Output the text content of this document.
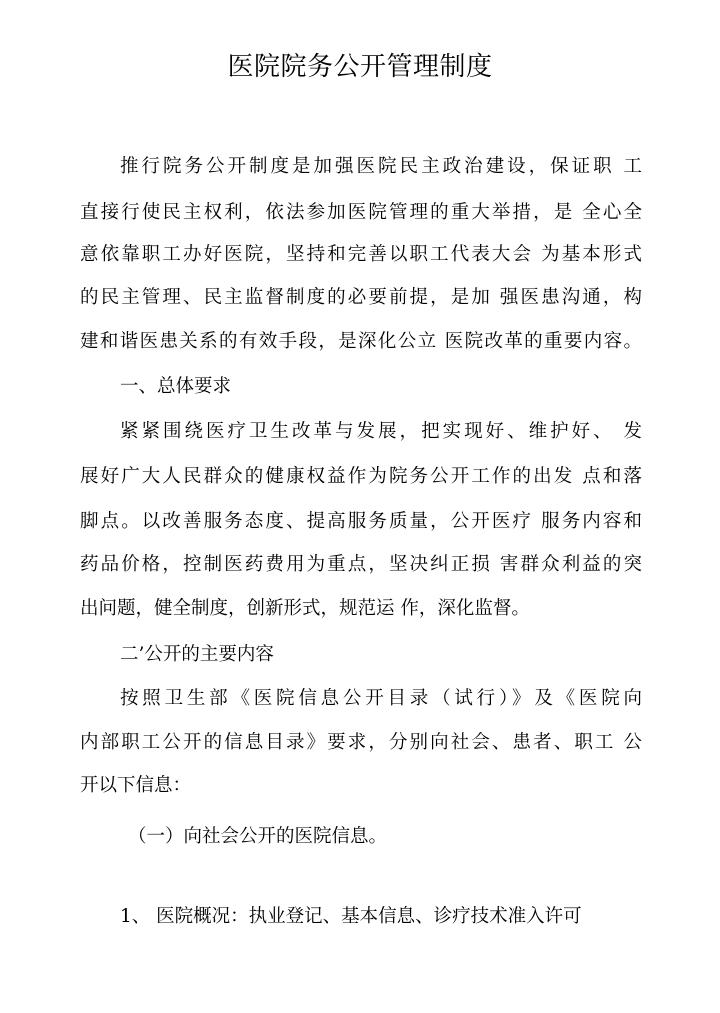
医院院务公开管理制度
推行院务公开制度是加强医院民主政治建设，保证职 工
直接行使民主权利，依法参加医院管理的重大举措，是 全心全
意依靠职工办好医院，坚持和完善以职工代表大会 为基本形式
的民主管理、民主监督制度的必要前提，是加 强医患沟通，构
建和谐医患关系的有效手段，是深化公立 医院改革的重要内容。
一、总体要求
紧紧围绕医疗卫生改革与发展，把实现好、维护好、 发
展好广大人民群众的健康权益作为院务公开工作的出发 点和落
脚点。以改善服务态度、提高服务质量，公开医疗 服务内容和
药品价格，控制医药费用为重点，坚决纠正损 害群众利益的突
出问题，健全制度，创新形式，规范运 作，深化监督。
二’公开的主要内容
按照卫生部《医院信息公开目录（试行）》及《医院向
内部职工公开的信息目录》要求，分别向社会、患者、职工 公
开以下信息：
（一）向社会公开的医院信息。
1、 医院概况：执业登记、基本信息、诊疗技术准入许可
